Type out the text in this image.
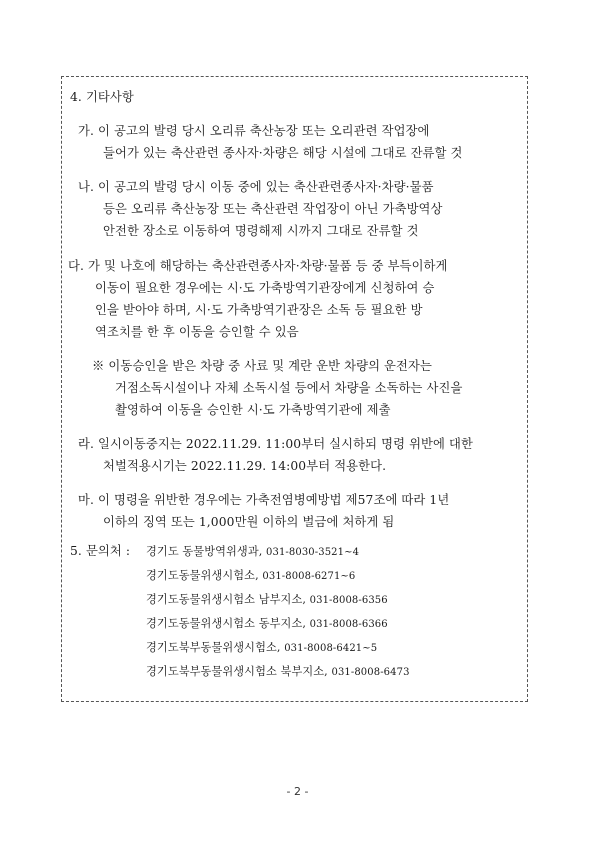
4. 기타사항
가. 이 공고의 발령 당시 오리류 축산농장 또는 오리관련 작업장에
들어가 있는 축산관련 종사자·차량은 해당 시설에 그대로 잔류할 것
나. 이 공고의 발령 당시 이동 중에 있는 축산관련종사자·차량·물품
등은 오리류 축산농장 또는 축산관련 작업장이 아닌 가축방역상
안전한 장소로 이동하여 명령해제 시까지 그대로 잔류할 것
다. 가 및 나호에 해당하는 축산관련종사자·차량·물품 등 중 부득이하게
이동이 필요한 경우에는 시·도 가축방역기관장에게 신청하여 승
인을 받아야 하며, 시·도 가축방역기관장은 소독 등 필요한 방
역조치를 한 후 이동을 승인할 수 있음
※ 이동승인을 받은 차량 중 사료 및 계란 운반 차량의 운전자는
거점소독시설이나 자체 소독시설 등에서 차량을 소독하는 사진을
촬영하여 이동을 승인한 시·도 가축방역기관에 제출
라. 일시이동중지는 2022.11.29. 11:00부터 실시하되 명령 위반에 대한
처벌적용시기는 2022.11.29. 14:00부터 적용한다.
마. 이 명령을 위반한 경우에는 가축전염병예방법 제57조에 따라 1년
이하의 징역 또는 1,000만원 이하의 벌금에 처하게 됨
5. 문의처 : 경기도 동물방역위생과, 031-8030-3521~4
경기도동물위생시험소, 031-8008-6271~6
경기도동물위생시험소 남부지소, 031-8008-6356
경기도동물위생시험소 동부지소, 031-8008-6366
경기도북부동물위생시험소, 031-8008-6421~5
경기도북부동물위생시험소 북부지소, 031-8008-6473
- 2 -
